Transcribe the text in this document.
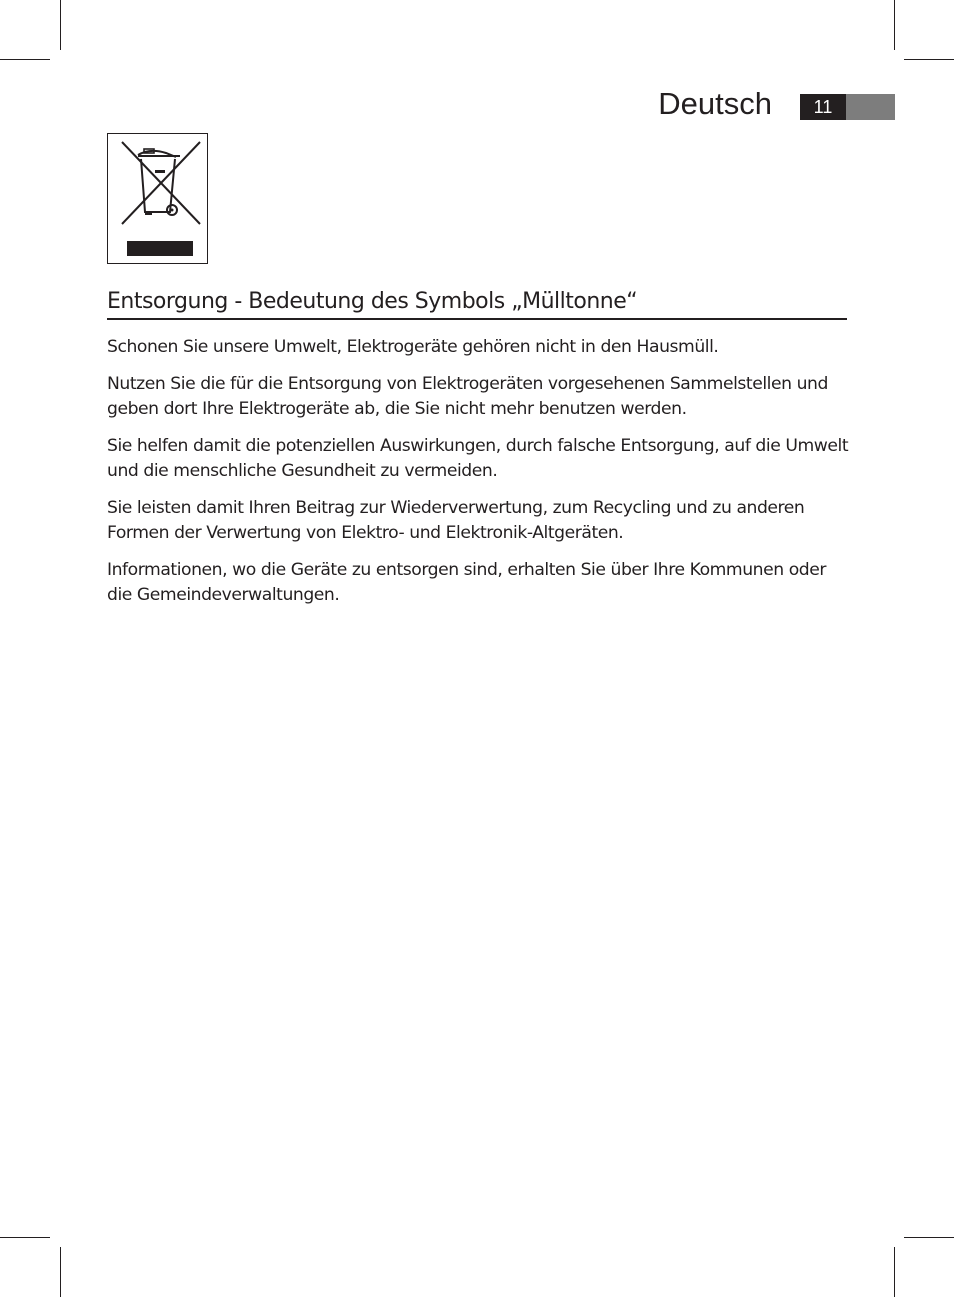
Deutsch	11
Entsorgung - Bedeutung des Symbols „Mülltonne“

Schonen Sie unsere Umwelt, Elektrogeräte gehören nicht in den Hausmüll.

Nutzen Sie die für die Entsorgung von Elektrogeräten vorgesehenen Sammelstellen und geben dort Ihre Elektrogeräte ab, die Sie nicht mehr benutzen werden.

Sie helfen damit die potenziellen Auswirkungen, durch falsche Entsorgung, auf die Umwelt und die menschliche Gesundheit zu vermeiden.

Sie leisten damit Ihren Beitrag zur Wiederverwertung, zum Recycling und zu anderen Formen der Verwertung von Elektro- und Elektronik-Altgeräten.

Informationen, wo die Geräte zu entsorgen sind, erhalten Sie über Ihre Kommunen oder die Gemeindeverwaltungen.
